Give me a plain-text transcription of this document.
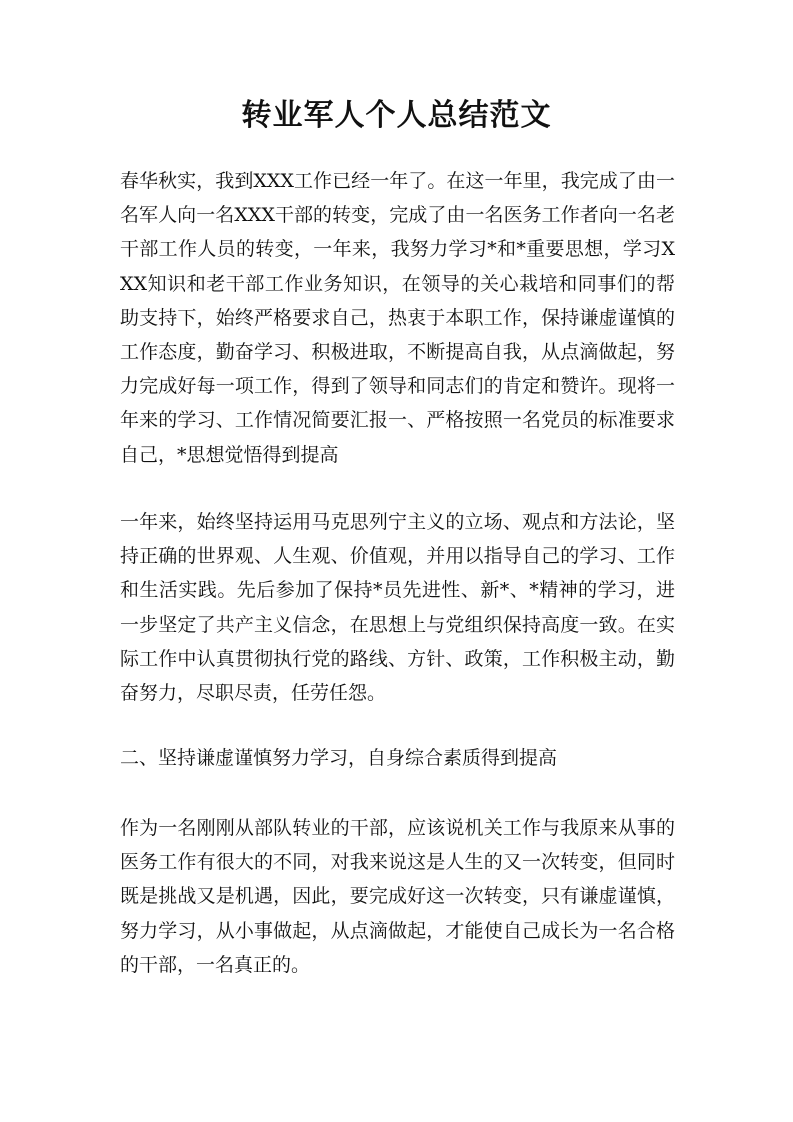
转业军人个人总结范文

春华秋实，我到XXX工作已经一年了。在这一年里，我完成了由一名军人向一名XXX干部的转变，完成了由一名医务工作者向一名老干部工作人员的转变，一年来，我努力学习*和*重要思想，学习XXX知识和老干部工作业务知识，在领导的关心栽培和同事们的帮助支持下，始终严格要求自己，热衷于本职工作，保持谦虚谨慎的工作态度，勤奋学习、积极进取，不断提高自我，从点滴做起，努力完成好每一项工作，得到了领导和同志们的肯定和赞许。现将一年来的学习、工作情况简要汇报一、严格按照一名党员的标准要求自己，*思想觉悟得到提高

一年来，始终坚持运用马克思列宁主义的立场、观点和方法论，坚持正确的世界观、人生观、价值观，并用以指导自己的学习、工作和生活实践。先后参加了保持*员先进性、新*、*精神的学习，进一步坚定了共产主义信念，在思想上与党组织保持高度一致。在实际工作中认真贯彻执行党的路线、方针、政策，工作积极主动，勤奋努力，尽职尽责，任劳任怨。

二、坚持谦虚谨慎努力学习，自身综合素质得到提高

作为一名刚刚从部队转业的干部，应该说机关工作与我原来从事的医务工作有很大的不同，对我来说这是人生的又一次转变，但同时既是挑战又是机遇，因此，要完成好这一次转变，只有谦虚谨慎，努力学习，从小事做起，从点滴做起，才能使自己成长为一名合格的干部，一名真正的。
